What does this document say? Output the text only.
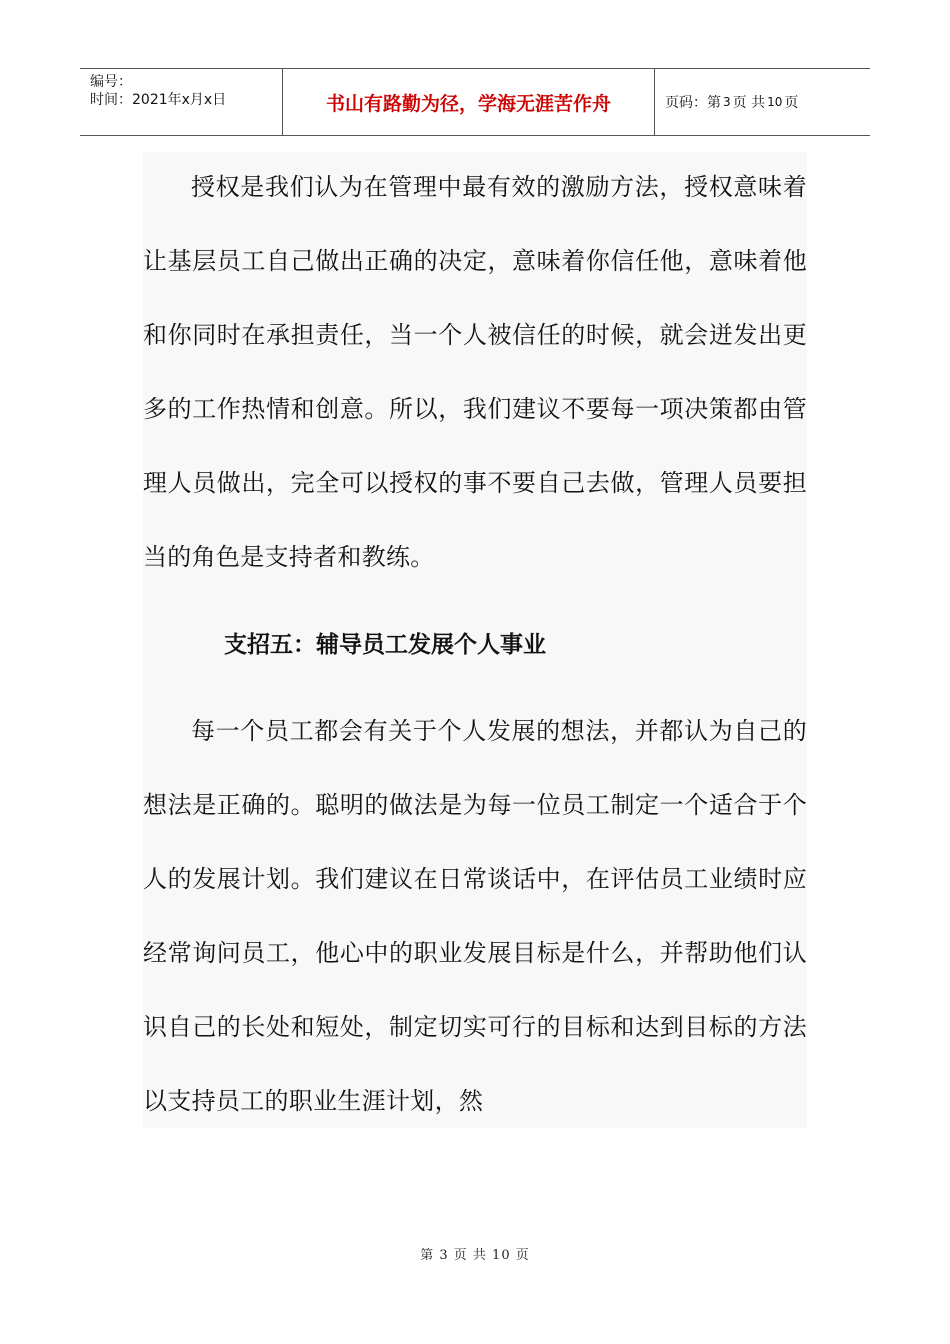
编号：
时间：2021年x月x日	书山有路勤为径，学海无涯苦作舟	页码：第 3 页 共 10 页

授权是我们认为在管理中最有效的激励方法，授权意味着让基层员工自己做出正确的决定，意味着你信任他，意味着他和你同时在承担责任，当一个人被信任的时候，就会迸发出更多的工作热情和创意。所以，我们建议不要每一项决策都由管理人员做出，完全可以授权的事不要自己去做，管理人员要担当的角色是支持者和教练。

支招五：辅导员工发展个人事业

每一个员工都会有关于个人发展的想法，并都认为自己的想法是正确的。聪明的做法是为每一位员工制定一个适合于个人的发展计划。我们建议在日常谈话中，在评估员工业绩时应经常询问员工，他心中的职业发展目标是什么，并帮助他们认识自己的长处和短处，制定切实可行的目标和达到目标的方法以支持员工的职业生涯计划，然

第 3 页 共 10 页
